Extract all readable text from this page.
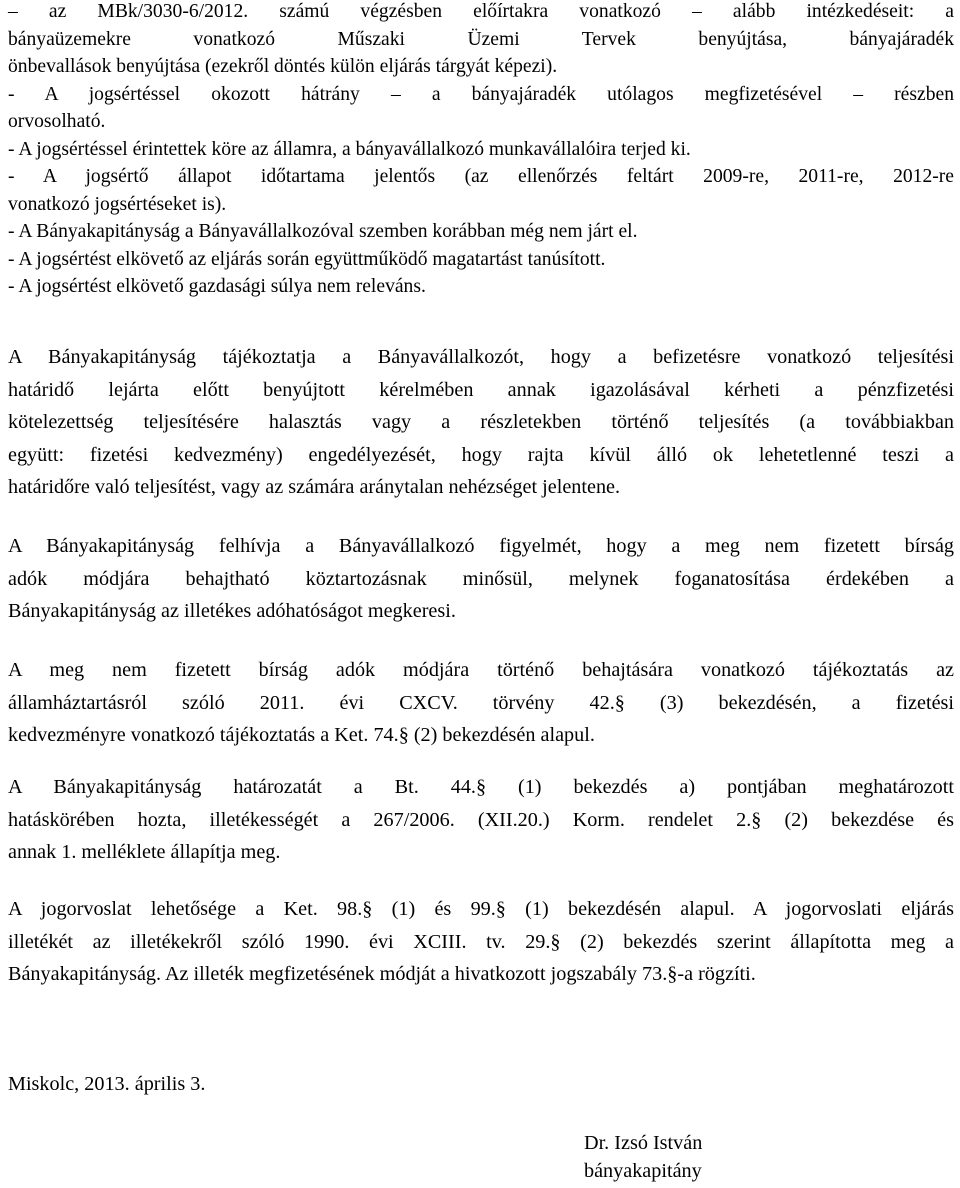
– az MBk/3030-6/2012. számú végzésben előírtakra vonatkozó – alább intézkedéseit: a
bányaüzemekre vonatkozó Műszaki Üzemi Tervek benyújtása, bányajáradék
önbevallások benyújtása (ezekről döntés külön eljárás tárgyát képezi).
- A jogsértéssel okozott hátrány – a bányajáradék utólagos megfizetésével – részben
orvosolható.
- A jogsértéssel érintettek köre az államra, a bányavállalkozó munkavállalóira terjed ki.
- A jogsértő állapot időtartama jelentős (az ellenőrzés feltárt 2009-re, 2011-re, 2012-re
vonatkozó jogsértéseket is).
- A Bányakapitányság a Bányavállalkozóval szemben korábban még nem járt el.
- A jogsértést elkövető az eljárás során együttműködő magatartást tanúsított.
- A jogsértést elkövető gazdasági súlya nem releváns.
A Bányakapitányság tájékoztatja a Bányavállalkozót, hogy a befizetésre vonatkozó teljesítési
határidő lejárta előtt benyújtott kérelmében annak igazolásával kérheti a pénzfizetési
kötelezettség teljesítésére halasztás vagy a részletekben történő teljesítés (a továbbiakban
együtt: fizetési kedvezmény) engedélyezését, hogy rajta kívül álló ok lehetetlenné teszi a
határidőre való teljesítést, vagy az számára aránytalan nehézséget jelentene.
A Bányakapitányság felhívja a Bányavállalkozó figyelmét, hogy a meg nem fizetett bírság
adók módjára behajtható köztartozásnak minősül, melynek foganatosítása érdekében a
Bányakapitányság az illetékes adóhatóságot megkeresi.
A meg nem fizetett bírság adók módjára történő behajtására vonatkozó tájékoztatás az
államháztartásról szóló 2011. évi CXCV. törvény 42.§ (3) bekezdésén, a fizetési
kedvezményre vonatkozó tájékoztatás a Ket. 74.§ (2) bekezdésén alapul.
A Bányakapitányság határozatát a Bt. 44.§ (1) bekezdés a) pontjában meghatározott
hatáskörében hozta, illetékességét a 267/2006. (XII.20.) Korm. rendelet 2.§ (2) bekezdése és
annak 1. melléklete állapítja meg.
A jogorvoslat lehetősége a Ket. 98.§ (1) és 99.§ (1) bekezdésén alapul. A jogorvoslati eljárás
illetékét az illetékekről szóló 1990. évi XCIII. tv. 29.§ (2) bekezdés szerint állapította meg a
Bányakapitányság. Az illeték megfizetésének módját a hivatkozott jogszabály 73.§-a rögzíti.
Miskolc, 2013. április 3.
Dr. Izsó István
bányakapitány
